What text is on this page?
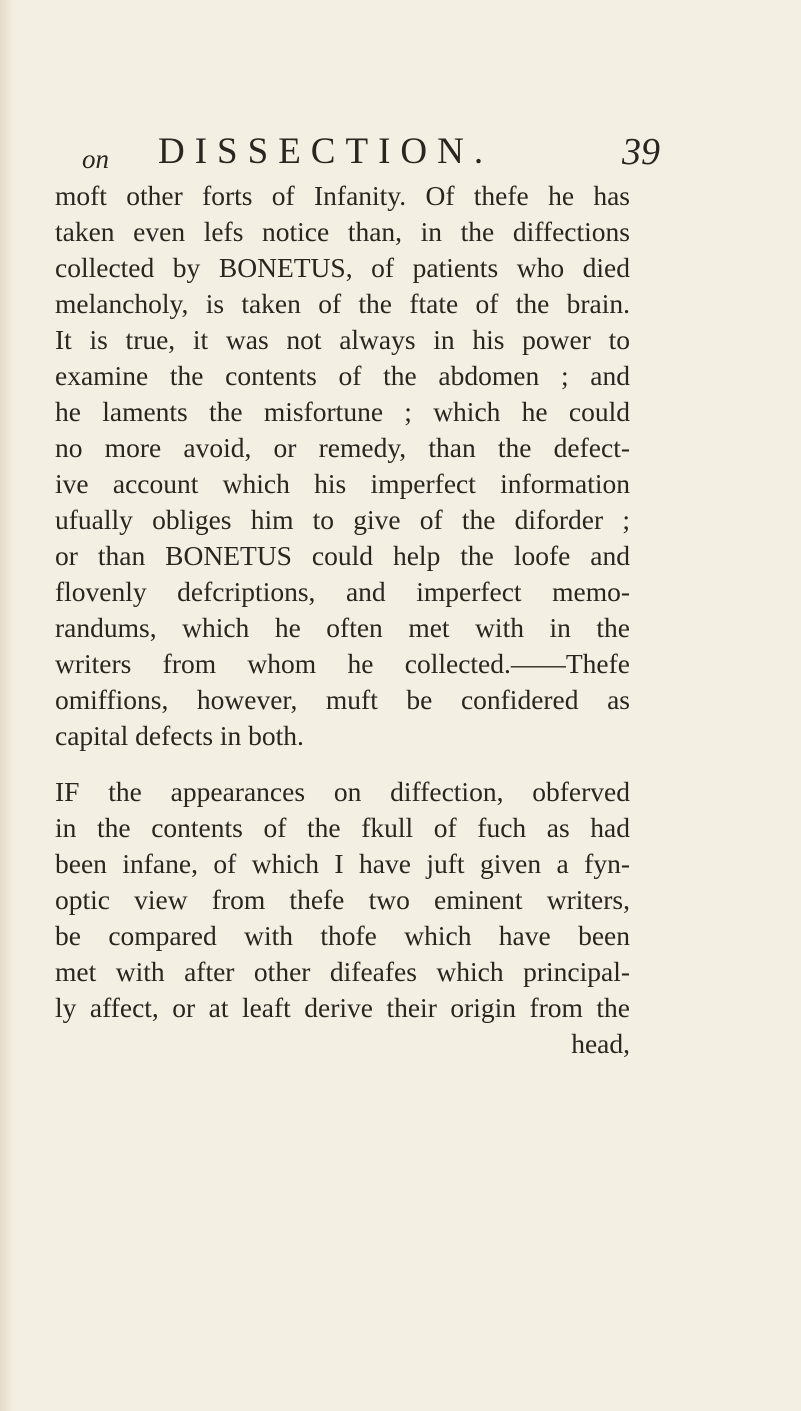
on DISSECTION.	39
moft other forts of Infanity. Of thefe he has
taken even lefs notice than, in the diffections
collected by BONETUS, of patients who died
melancholy, is taken of the ftate of the brain.
It is true, it was not always in his power to
examine the contents of the abdomen ; and
he laments the misfortune ; which he could
no more avoid, or remedy, than the defect-
ive account which his imperfect information
ufually obliges him to give of the diforder ;
or than BONETUS could help the loofe and
flovenly defcriptions, and imperfect memo-
randums, which he often met with in the
writers from whom he collected.——Thefe
omiffions, however, muft be confidered as
capital defects in both.
IF the appearances on diffection, obferved
in the contents of the fkull of fuch as had
been infane, of which I have juft given a fyn-
optic view from thefe two eminent writers,
be compared with thofe which have been
met with after other difeafes which principal-
ly affect, or at leaft derive their origin from the
head,
